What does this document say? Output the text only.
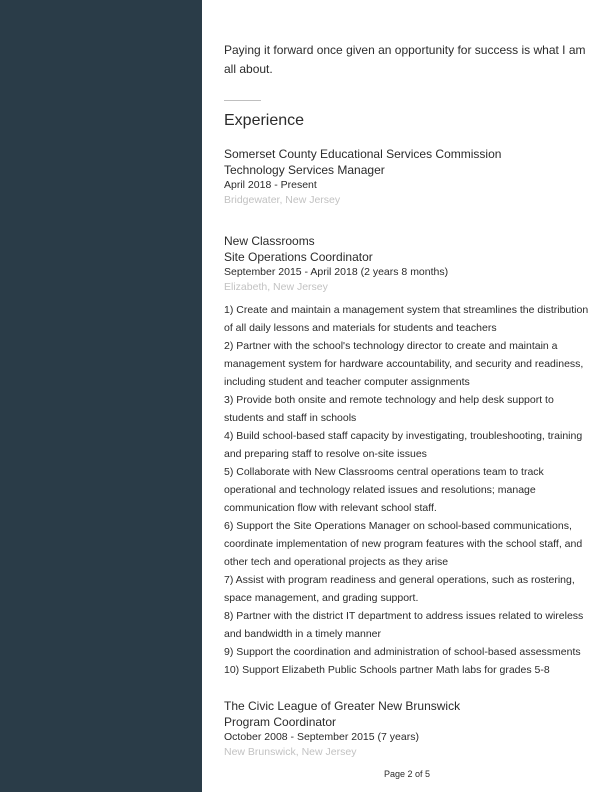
Paying it forward once given an opportunity for success is what I am all about.

Experience
Somerset County Educational Services Commission
Technology Services Manager
April 2018 - Present
Bridgewater, New Jersey
New Classrooms
Site Operations Coordinator
September 2015 - April 2018 (2 years 8 months)
Elizabeth, New Jersey
1) Create and maintain a management system that streamlines the distribution of all daily lessons and materials for students and teachers
2) Partner with the school's technology director to create and maintain a management system for hardware accountability, and security and readiness, including student and teacher computer assignments
3) Provide both onsite and remote technology and help desk support to students and staff in schools
4) Build school-based staff capacity by investigating, troubleshooting, training and preparing staff to resolve on-site issues
5) Collaborate with New Classrooms central operations team to track operational and technology related issues and resolutions; manage communication flow with relevant school staff.
6) Support the Site Operations Manager on school-based communications, coordinate implementation of new program features with the school staff, and other tech and operational projects as they arise
7) Assist with program readiness and general operations, such as rostering, space management, and grading support.
8) Partner with the district IT department to address issues related to wireless and bandwidth in a timely manner
9) Support the coordination and administration of school-based assessments
10) Support Elizabeth Public Schools partner Math labs for grades 5-8
The Civic League of Greater New Brunswick
Program Coordinator
October 2008 - September 2015 (7 years)
New Brunswick, New Jersey
Page 2 of 5
